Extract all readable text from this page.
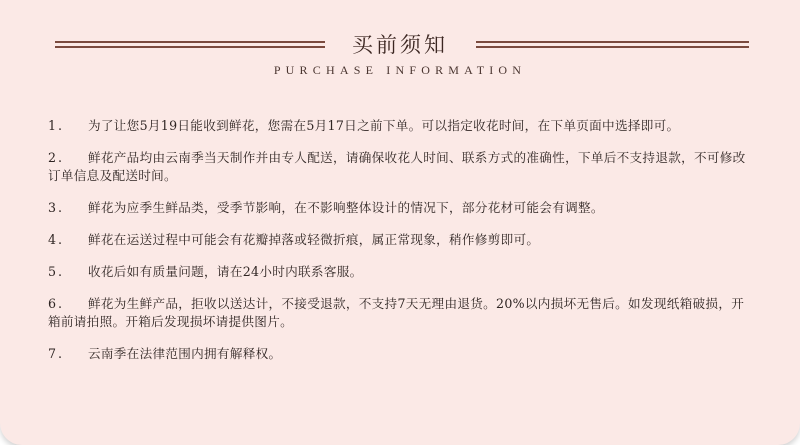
买前须知
PURCHASE INFORMATION
1. 为了让您5月19日能收到鲜花，您需在5月17日之前下单。可以指定收花时间，在下单页面中选择即可。
2. 鲜花产品均由云南季当天制作并由专人配送，请确保收花人时间、联系方式的准确性，下单后不支持退款，不可修改订单信息及配送时间。
3. 鲜花为应季生鲜品类，受季节影响，在不影响整体设计的情况下，部分花材可能会有调整。
4. 鲜花在运送过程中可能会有花瓣掉落或轻微折痕，属正常现象，稍作修剪即可。
5. 收花后如有质量问题，请在24小时内联系客服。
6. 鲜花为生鲜产品，拒收以送达计，不接受退款，不支持7天无理由退货。20%以内损坏无售后。如发现纸箱破损，开箱前请拍照。开箱后发现损坏请提供图片。
7. 云南季在法律范围内拥有解释权。
